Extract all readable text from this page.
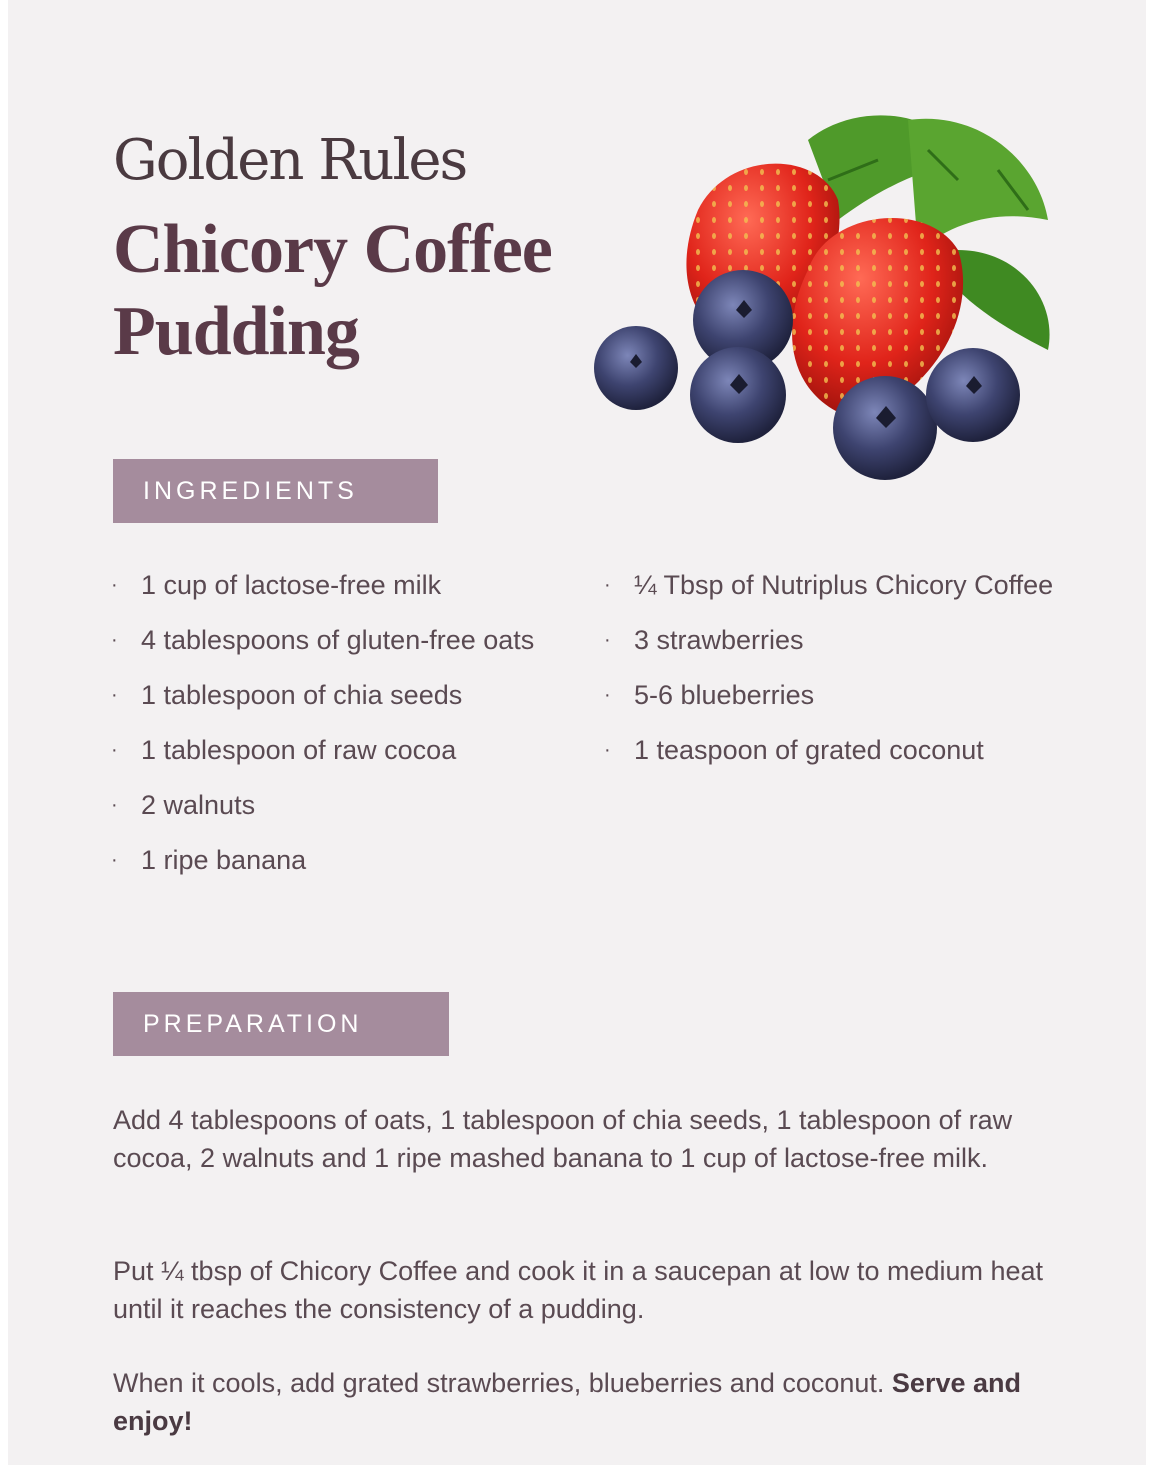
Golden Rules
Chicory Coffee
Pudding
INGREDIENTS
· 1 cup of lactose-free milk
· 4 tablespoons of gluten-free oats
· 1 tablespoon of chia seeds
· 1 tablespoon of raw cocoa
· 2 walnuts
· 1 ripe banana
· ¼ Tbsp of Nutriplus Chicory Coffee
· 3 strawberries
· 5-6 blueberries
· 1 teaspoon of grated coconut
PREPARATION

Add 4 tablespoons of oats, 1 tablespoon of chia seeds, 1 tablespoon of raw cocoa, 2 walnuts and 1 ripe mashed banana to 1 cup of lactose-free milk.

Put ¼ tbsp of Chicory Coffee and cook it in a saucepan at low to medium heat until it reaches the consistency of a pudding.

When it cools, add grated strawberries, blueberries and coconut. Serve and enjoy!
